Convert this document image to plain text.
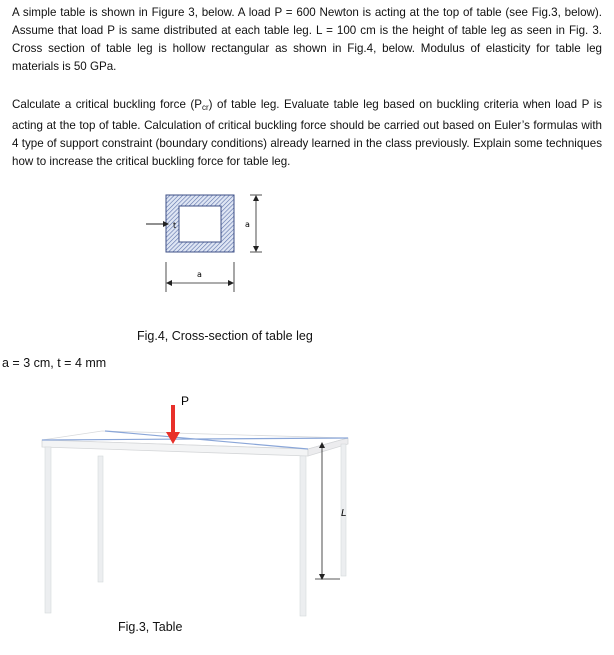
A simple table is shown in Figure 3, below. A load P = 600 Newton is acting at the top of table (see Fig.3, below). Assume that load P is same distributed at each table leg. L = 100 cm is the height of table leg as seen in Fig. 3. Cross section of table leg is hollow rectangular as shown in Fig.4, below. Modulus of elasticity for table leg materials is 50 GPa.

Calculate a critical buckling force $(P_{cr})$ of table leg. Evaluate table leg based on buckling criteria when load P is acting at the top of table. Calculation of critical buckling force should be carried out based on Euler’s formulas with 4 type of support constraint (boundary conditions) already learned in the class previously. Explain some techniques how to increase the critical buckling force for table leg.

t	a
a
Fig.4, Cross-section of table leg
a = 3 cm, t = 4 mm
P
L
Fig.3, Table
